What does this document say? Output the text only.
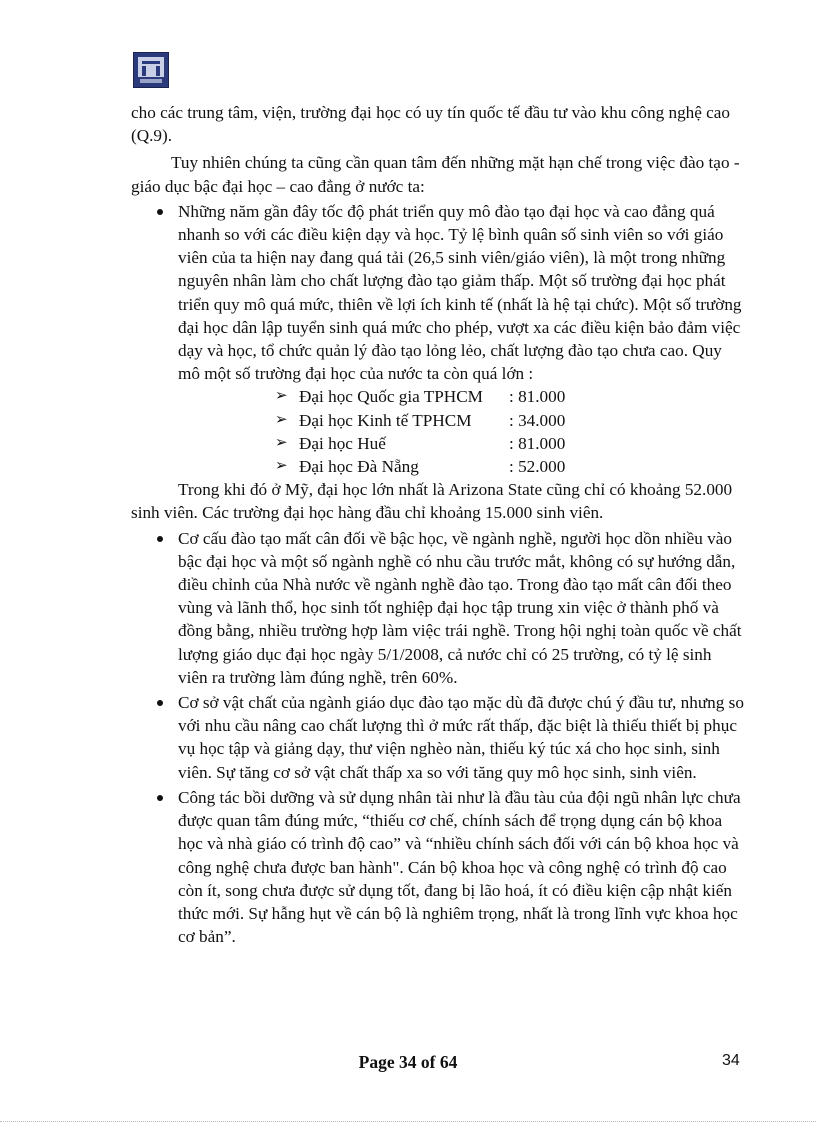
cho các trung tâm, viện, trường đại học có uy tín quốc tế đầu tư vào khu công nghệ cao (Q.9).

Tuy nhiên chúng ta cũng cần quan tâm đến những mặt hạn chế trong việc đào tạo - giáo dục bậc đại học – cao đẳng ở nước ta:

Những năm gần đây tốc độ phát triển quy mô đào tạo đại học và cao đẳng quá nhanh so với các điều kiện dạy và học. Tỷ lệ bình quân số sinh viên so với giáo viên của ta hiện nay đang quá tải (26,5 sinh viên/giáo viên), là một trong những nguyên nhân làm cho chất lượng đào tạo giảm thấp. Một số trường đại học phát triển quy mô quá mức, thiên về lợi ích kinh tế (nhất là hệ tại chức). Một số trường đại học dân lập tuyển sinh quá mức cho phép, vượt xa các điều kiện bảo đảm việc dạy và học, tổ chức quản lý đào tạo lỏng lẻo, chất lượng đào tạo chưa cao. Quy mô một số trường đại học của nước ta còn quá lớn :
➢ Đại học Quốc gia TPHCM : 81.000
➢ Đại học Kinh tế TPHCM : 34.000
➢ Đại học Huế	: 81.000
➢ Đại học Đà Nẵng	: 52.000

Trong khi đó ở Mỹ, đại học lớn nhất là Arizona State cũng chỉ có khoảng 52.000 sinh viên. Các trường đại học hàng đầu chỉ khoảng 15.000 sinh viên.

Cơ cấu đào tạo mất cân đối về bậc học, về ngành nghề, người học dồn nhiều vào bậc đại học và một số ngành nghề có nhu cầu trước mắt, không có sự hướng dẫn, điều chỉnh của Nhà nước về ngành nghề đào tạo. Trong đào tạo mất cân đối theo vùng và lãnh thổ, học sinh tốt nghiệp đại học tập trung xin việc ở thành phố và đồng bằng, nhiều trường hợp làm việc trái nghề. Trong hội nghị toàn quốc về chất lượng giáo dục đại học ngày 5/1/2008, cả nước chỉ có 25 trường, có tỷ lệ sinh viên ra trường làm đúng nghề, trên 60%.
Cơ sở vật chất của ngành giáo dục đào tạo mặc dù đã được chú ý đầu tư, nhưng so với nhu cầu nâng cao chất lượng thì ở mức rất thấp, đặc biệt là thiếu thiết bị phục vụ học tập và giảng dạy, thư viện nghèo nàn, thiếu ký túc xá cho học sinh, sinh viên. Sự tăng cơ sở vật chất thấp xa so với tăng quy mô học sinh, sinh viên.
Công tác bồi dưỡng và sử dụng nhân tài như là đầu tàu của đội ngũ nhân lực chưa được quan tâm đúng mức, “thiếu cơ chế, chính sách để trọng dụng cán bộ khoa học và nhà giáo có trình độ cao” và “nhiều chính sách đối với cán bộ khoa học và công nghệ chưa được ban hành". Cán bộ khoa học và công nghệ có trình độ cao còn ít, song chưa được sử dụng tốt, đang bị lão hoá, ít có điều kiện cập nhật kiến thức mới. Sự hẫng hụt về cán bộ là nghiêm trọng, nhất là trong lĩnh vực khoa học cơ bản”.
Page 34 of 64	34
